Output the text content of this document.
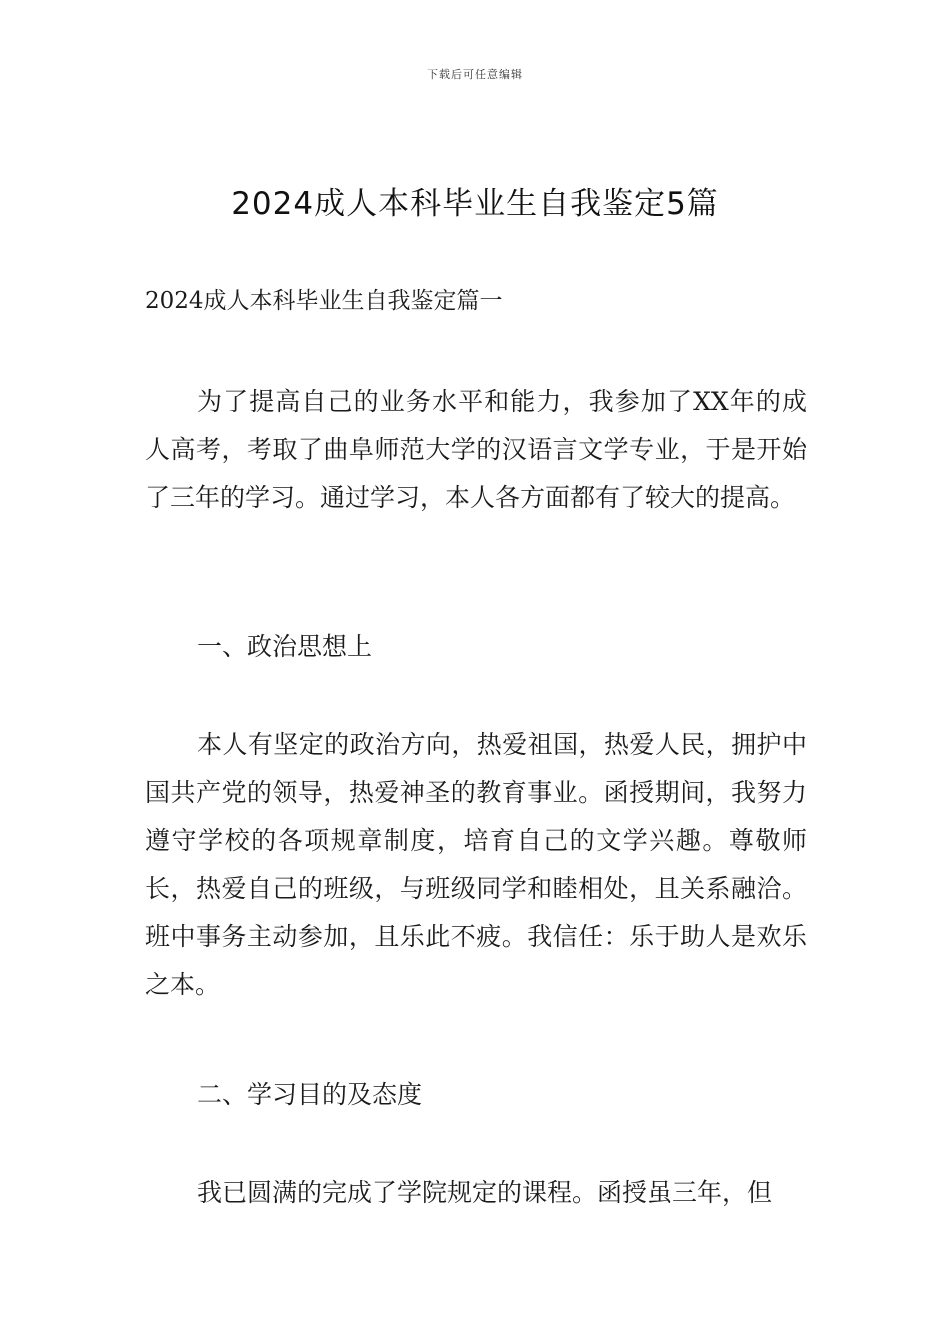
下载后可任意编辑
2024成人本科毕业生自我鉴定5篇
2024成人本科毕业生自我鉴定篇一
为了提高自己的业务水平和能力，我参加了XX年的成人高考，考取了曲阜师范大学的汉语言文学专业，于是开始了三年的学习。通过学习，本人各方面都有了较大的提高。
一、政治思想上
本人有坚定的政治方向，热爱祖国，热爱人民，拥护中国共产党的领导，热爱神圣的教育事业。函授期间，我努力遵守学校的各项规章制度，培育自己的文学兴趣。尊敬师长，热爱自己的班级，与班级同学和睦相处，且关系融洽。班中事务主动参加，且乐此不疲。我信任：乐于助人是欢乐之本。
二、学习目的及态度
我已圆满的完成了学院规定的课程。函授虽三年，但
